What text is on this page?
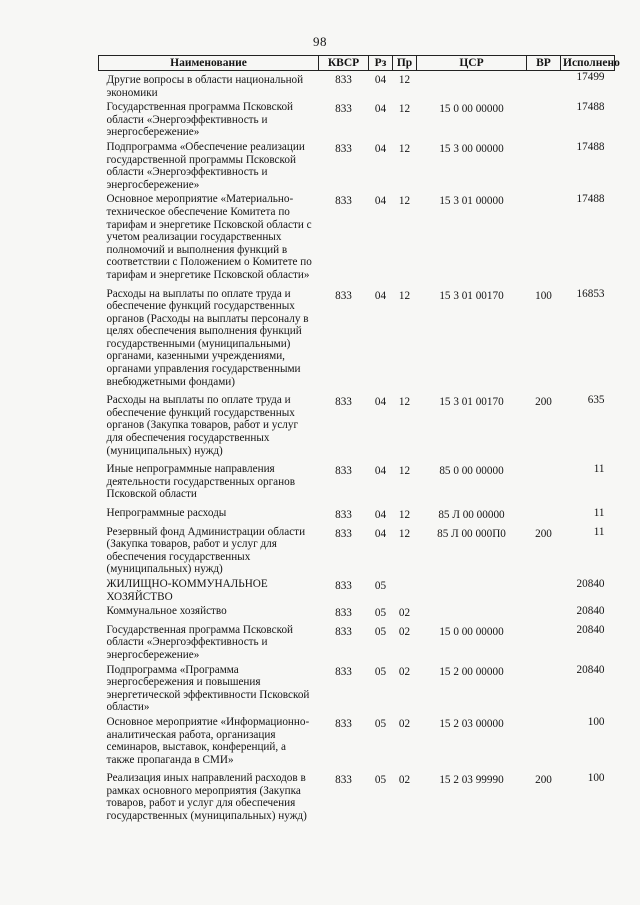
98
Наименование	КВСР	Рз	Пр	ЦСР	ВР	Исполнено
Другие вопросы в области национальной экономики	833	04	12			17499
Государственная программа Псковской области «Энергоэффективность и энергосбережение»	833	04	12	15 0 00 00000		17488
Подпрограмма «Обеспечение реализации государственной программы Псковской области «Энергоэффективность и энергосбережение»	833	04	12	15 3 00 00000		17488
Основное мероприятие «Материально-техническое обеспечение Комитета по тарифам и энергетике Псковской области с учетом реализации государственных полномочий и выполнения функций в соответствии с Положением о Комитете по тарифам и энергетике Псковской области»	833	04	12	15 3 01 00000		17488
Расходы на выплаты по оплате труда и обеспечение функций государственных органов (Расходы на выплаты персоналу в целях обеспечения выполнения функций государственными (муниципальными) органами, казенными учреждениями, органами управления государственными внебюджетными фондами)	833	04	12	15 3 01 00170	100	16853
Расходы на выплаты по оплате труда и обеспечение функций государственных органов (Закупка товаров, работ и услуг для обеспечения государственных (муниципальных) нужд)	833	04	12	15 3 01 00170	200	635
Иные непрограммные направления деятельности государственных органов Псковской области	833	04	12	85 0 00 00000		11
Непрограммные расходы	833	04	12	85 Л 00 00000		11
Резервный фонд Администрации области (Закупка товаров, работ и услуг для обеспечения государственных (муниципальных) нужд)	833	04	12	85 Л 00 000П0	200	11
ЖИЛИЩНО-КОММУНАЛЬНОЕ ХОЗЯЙСТВО	833	05				20840
Коммунальное хозяйство	833	05	02			20840
Государственная программа Псковской области «Энергоэффективность и энергосбережение»	833	05	02	15 0 00 00000		20840
Подпрограмма «Программа энергосбережения и повышения энергетической эффективности Псковской области»	833	05	02	15 2 00 00000		20840
Основное мероприятие «Информационно-аналитическая работа, организация семинаров, выставок, конференций, а также пропаганда в СМИ»	833	05	02	15 2 03 00000		100
Реализация иных направлений расходов в рамках основного мероприятия (Закупка товаров, работ и услуг для обеспечения государственных (муниципальных) нужд)	833	05	02	15 2 03 99990	200	100
